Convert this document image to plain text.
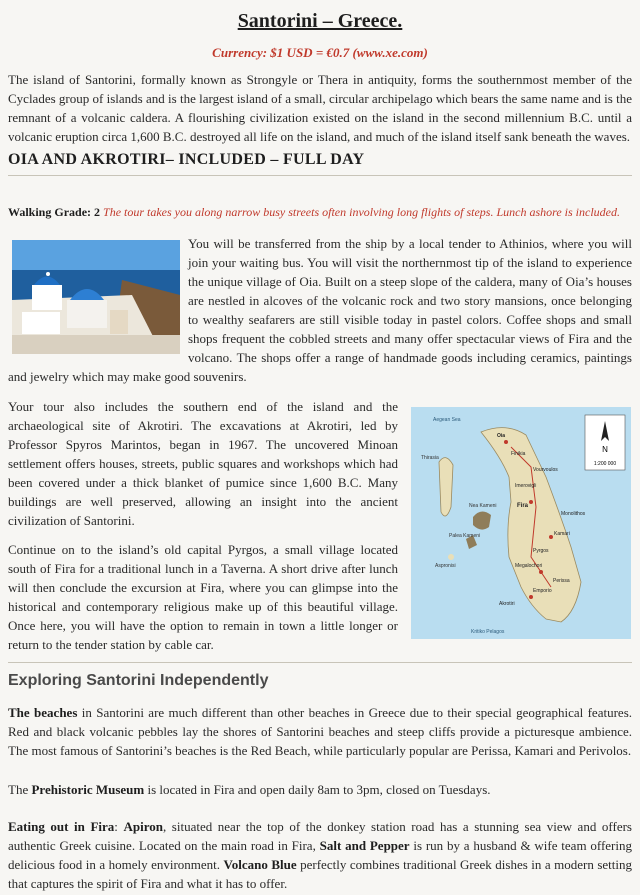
Santorini – Greece.
Currency: $1 USD = €0.7 (www.xe.com)
The island of Santorini, formally known as Strongyle or Thera in antiquity, forms the southernmost member of the Cyclades group of islands and is the largest island of a small, circular archipelago which bears the same name and is the remnant of a volcanic caldera. A flourishing civilization existed on the island in the second millennium B.C. until a volcanic eruption circa 1,600 B.C. destroyed all life on the island, and much of the island itself sank beneath the waves.
OIA AND AKROTIRI– INCLUDED – FULL DAY
Walking Grade: 2 The tour takes you along narrow busy streets often involving long flights of steps. Lunch ashore is included.
You will be transferred from the ship by a local tender to Athinios, where you will join your waiting bus. You will visit the northernmost tip of the island to experience the unique village of Oia. Built on a steep slope of the caldera, many of Oia’s houses are nestled in alcoves of the volcanic rock and two story mansions, once belonging to wealthy seafarers are still visible today in pastel colors. Coffee shops and small shops frequent the cobbled streets and many offer spectacular views of Fira and the volcano. The shops offer a range of handmade goods including ceramics, paintings and jewelry which may make good souvenirs.
Your tour also includes the southern end of the island and the archaeological site of Akrotiri. The excavations at Akrotiri, led by Professor Spyros Marintos, began in 1967. The uncovered Minoan settlement offers houses, streets, public squares and workshops which had been covered under a thick blanket of pumice since 1,600 B.C. Many buildings are well preserved, allowing an insight into the ancient civilization of Santorini.
Continue on to the island’s old capital Pyrgos, a small village located south of Fira for a traditional lunch in a Taverna. A short drive after lunch will then conclude the excursion at Fira, where you can glimpse into the historical and contemporary religious make up of this beautiful village. Once here, you will have the option to remain in town a little longer or return to the tender station by cable car.
N
1:200 000
Aegean Sea
Thirasia
Nea Kameni
Palea Kameni
Aspronisi
Kritiko Pelagos
Oia
Finikia
Imerovigli
Fira
Kamari
Pyrgos
Perissa
Akrotiri
Emporio
Megalochori
Monolithos
Vourvoulos
Exploring Santorini Independently
The beaches in Santorini are much different than other beaches in Greece due to their special geographical features. Red and black volcanic pebbles lay the shores of Santorini beaches and steep cliffs provide a picturesque ambience. The most famous of Santorini’s beaches is the Red Beach, while particularly popular are Perissa, Kamari and Perivolos.
The Prehistoric Museum is located in Fira and open daily 8am to 3pm, closed on Tuesdays.
Eating out in Fira: Apiron, situated near the top of the donkey station road has a stunning sea view and offers authentic Greek cuisine. Located on the main road in Fira, Salt and Pepper is run by a husband & wife team offering delicious food in a homely environment. Volcano Blue perfectly combines traditional Greek dishes in a modern setting that captures the spirit of Fira and what it has to offer.
